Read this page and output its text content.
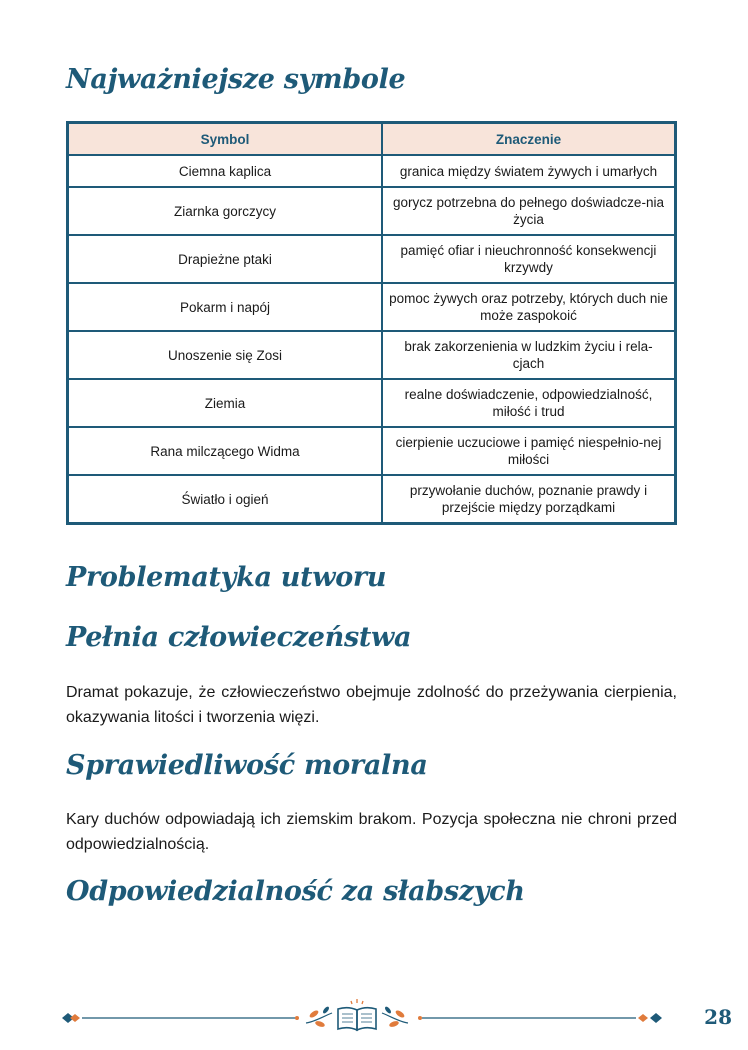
Najważniejsze symbole
Symbol	Znaczenie
Ciemna kaplica	granica między światem żywych i umarłych
Ziarnka gorczycy	gorycz potrzebna do pełnego doświadcze-nia życia
Drapieżne ptaki	pamięć ofiar i nieuchronność konsekwencji krzywdy
Pokarm i napój	pomoc żywych oraz potrzeby, których duch nie może zaspokoić
Unoszenie się Zosi	brak zakorzenienia w ludzkim życiu i rela-cjach
Ziemia	realne doświadczenie, odpowiedzialność, miłość i trud
Rana milczącego Widma	cierpienie uczuciowe i pamięć niespełnio-nej miłości
Światło i ogień	przywołanie duchów, poznanie prawdy i przejście między porządkami
Problematyka utworu
Pełnia człowieczeństwa

Dramat pokazuje, że człowieczeństwo obejmuje zdolność do przeżywania cierpienia, okazywania litości i tworzenia więzi.

Sprawiedliwość moralna

Kary duchów odpowiadają ich ziemskim brakom. Pozycja społeczna nie chroni przed odpowiedzialnością.

Odpowiedzialność za słabszych
28
